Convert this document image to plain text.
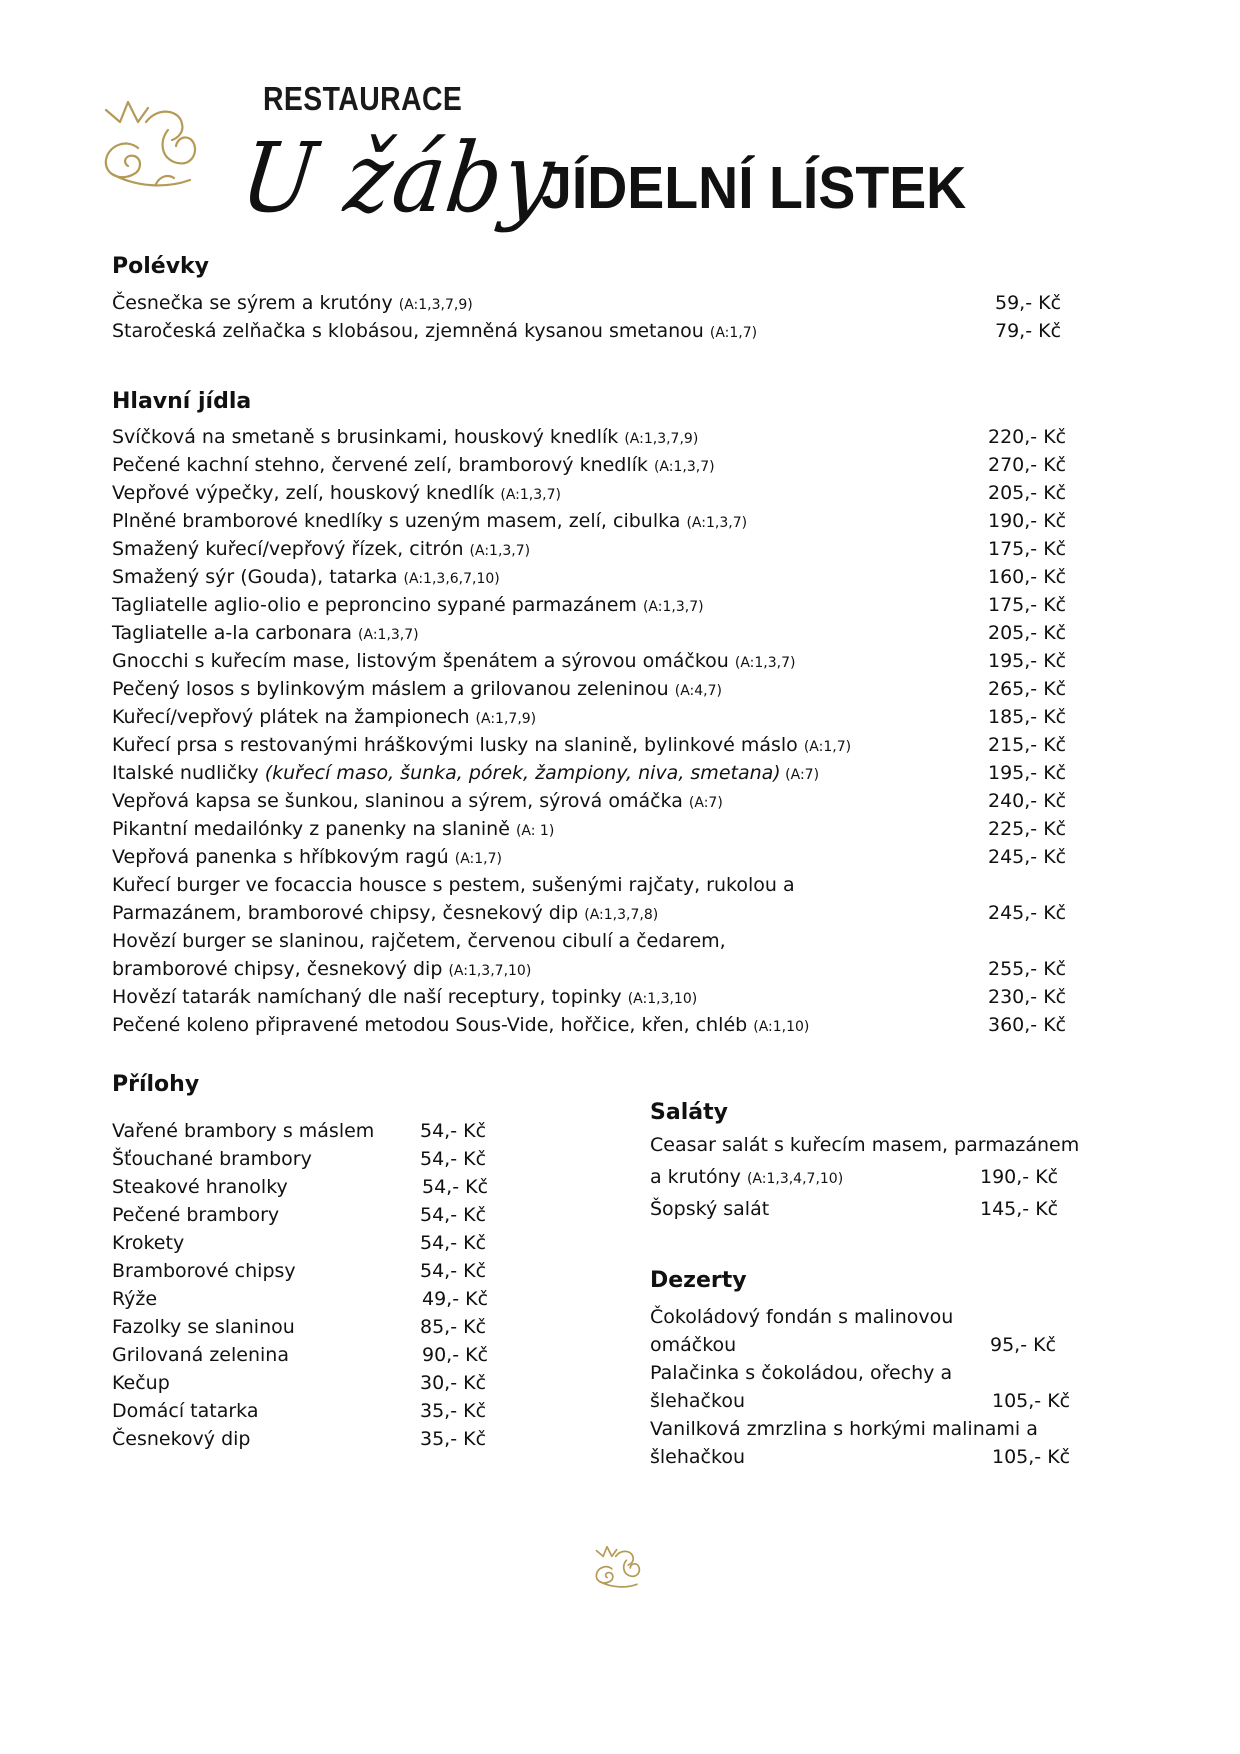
RESTAURACE
U žáby
JÍDELNÍ LÍSTEK
Polévky
Česnečka se sýrem a krutóny (A:1,3,7,9)	59,- Kč
Staročeská zelňačka s klobásou, zjemněná kysanou smetanou (A:1,7)	79,- Kč
Hlavní jídla
Svíčková na smetaně s brusinkami, houskový knedlík (A:1,3,7,9)	220,- Kč
Pečené kachní stehno, červené zelí, bramborový knedlík (A:1,3,7)	270,- Kč
Vepřové výpečky, zelí, houskový knedlík (A:1,3,7)	205,- Kč
Plněné bramborové knedlíky s uzeným masem, zelí, cibulka (A:1,3,7)	190,- Kč
Smažený kuřecí/vepřový řízek, citrón (A:1,3,7)	175,- Kč
Smažený sýr (Gouda), tatarka (A:1,3,6,7,10)	160,- Kč
Tagliatelle aglio-olio e peproncino sypané parmazánem (A:1,3,7)	175,- Kč
Tagliatelle a-la carbonara (A:1,3,7)	205,- Kč
Gnocchi s kuřecím mase, listovým špenátem a sýrovou omáčkou (A:1,3,7)	195,- Kč
Pečený losos s bylinkovým máslem a grilovanou zeleninou (A:4,7)	265,- Kč
Kuřecí/vepřový plátek na žampionech (A:1,7,9)	185,- Kč
Kuřecí prsa s restovanými hráškovými lusky na slanině, bylinkové máslo (A:1,7)	215,- Kč
Italské nudličky (kuřecí maso, šunka, pórek, žampiony, niva, smetana) (A:7)	195,- Kč
Vepřová kapsa se šunkou, slaninou a sýrem, sýrová omáčka (A:7)	240,- Kč
Pikantní medailónky z panenky na slanině (A: 1)	225,- Kč
Vepřová panenka s hříbkovým ragú (A:1,7)	245,- Kč
Kuřecí burger ve focaccia housce s pestem, sušenými rajčaty, rukolou a
Parmazánem, bramborové chipsy, česnekový dip (A:1,3,7,8)	245,- Kč
Hovězí burger se slaninou, rajčetem, červenou cibulí a čedarem,
bramborové chipsy, česnekový dip (A:1,3,7,10)	255,- Kč
Hovězí tatarák namíchaný dle naší receptury, topinky (A:1,3,10)	230,- Kč
Pečené koleno připravené metodou Sous-Vide, hořčice, křen, chléb (A:1,10)	360,- Kč
Přílohy
Vařené brambory s máslem 54,- Kč
Šťouchané brambory	54,- Kč
Steakové hranolky	54,- Kč
Pečené brambory	54,- Kč
Krokety	54,- Kč
Bramborové chipsy	54,- Kč
Rýže	49,- Kč
Fazolky se slaninou	85,- Kč
Grilovaná zelenina	90,- Kč
Kečup	30,- Kč
Domácí tatarka	35,- Kč
Česnekový dip	35,- Kč
Saláty
Ceasar salát s kuřecím masem, parmazánem
a krutóny (A:1,3,4,7,10)	190,- Kč
Šopský salát	145,- Kč
Dezerty
Čokoládový fondán s malinovou
omáčkou	95,- Kč
Palačinka s čokoládou, ořechy a
šlehačkou	105,- Kč
Vanilková zmrzlina s horkými malinami a
šlehačkou	105,- Kč
